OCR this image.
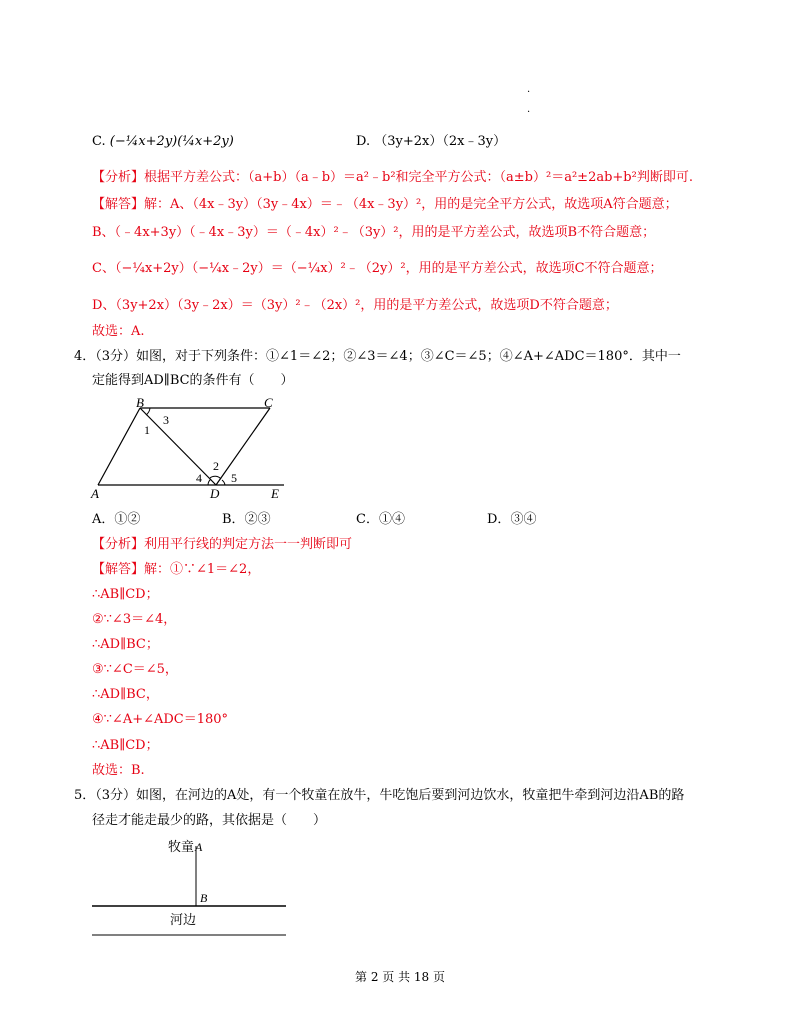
.
.
C. (−¼x+2y)(¼x+2y)	D. （3y+2x）（2x﹣3y）
【分析】根据平方差公式：（a+b）（a﹣b）＝a²﹣b²和完全平方公式：（a±b）²＝a²±2ab+b²判断即可.
【解答】解：A、（4x﹣3y）（3y﹣4x）＝﹣（4x﹣3y）²，用的是完全平方公式，故选项A符合题意；
B、（﹣4x+3y）（﹣4x﹣3y）＝（﹣4x）²﹣（3y）²，用的是平方差公式，故选项B不符合题意；
C、（−¼x+2y）（−¼x﹣2y）＝（−¼x）²﹣（2y）²，用的是平方差公式，故选项C不符合题意；
D、（3y+2x）（3y﹣2x）＝（3y）²﹣（2x）²，用的是平方差公式，故选项D不符合题意；
故选：A.
4．（3分）如图，对于下列条件：①∠1＝∠2；②∠3＝∠4；③∠C＝∠5；④∠A+∠ADC＝180°．其中一
定能得到AD∥BC的条件有（　　）
B	C
A	D	E
1
3
2
4 5
A．①②	B．②③	C．①④	D．③④
【分析】利用平行线的判定方法一一判断即可
【解答】解：①∵∠1＝∠2，
∴AB∥CD；
②∵∠3＝∠4，
∴AD∥BC；
③∵∠C＝∠5，
∴AD∥BC，
④∵∠A+∠ADC＝180°
∴AB∥CD；
故选：B.
5．（3分）如图，在河边的A处，有一个牧童在放牛，牛吃饱后要到河边饮水，牧童把牛牵到河边沿AB的路
径走才能走最少的路，其依据是（　　）
牧童 A
B
河边
第 2 页 共 18 页
